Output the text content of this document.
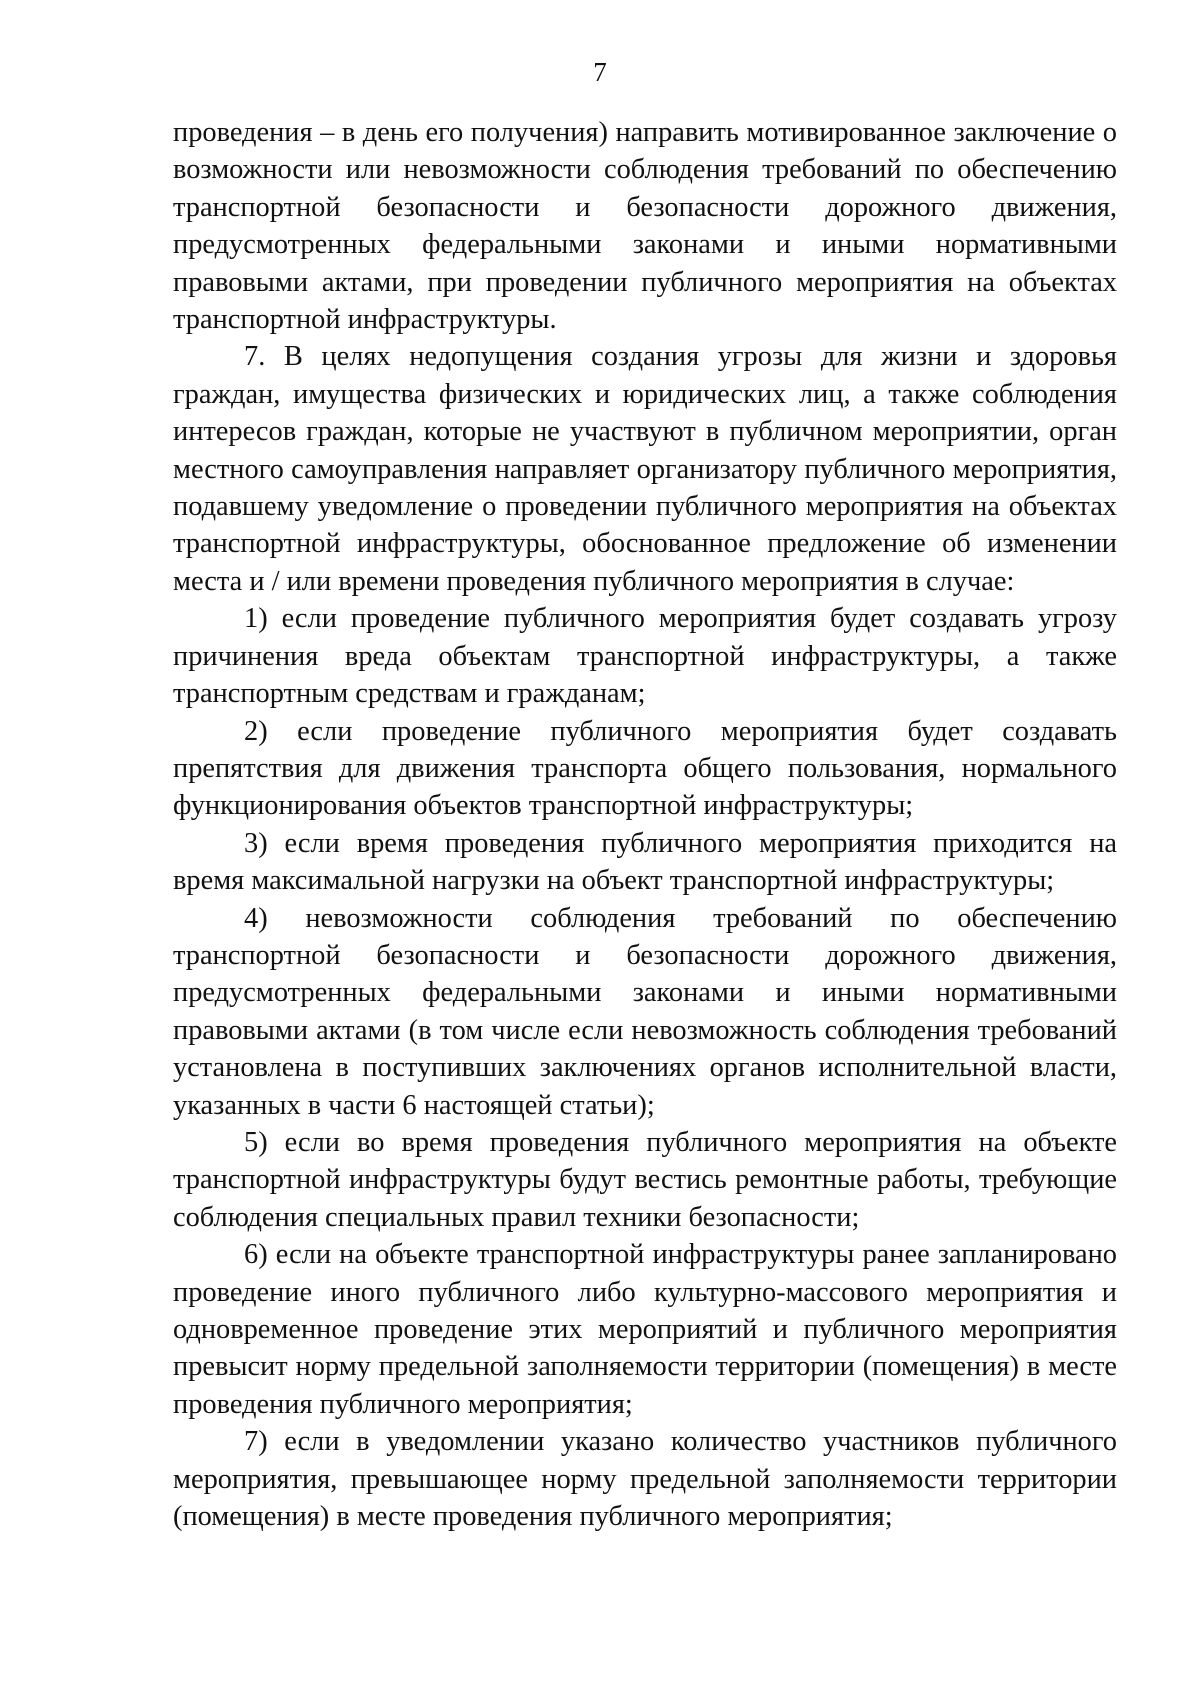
7

проведения – в день его получения) направить мотивированное заключение о возможности или невозможности соблюдения требований по обеспечению транспортной безопасности и безопасности дорожного движения, предусмотренных федеральными законами и иными нормативными правовыми актами, при проведении публичного мероприятия на объектах транспортной инфраструктуры.

7. В целях недопущения создания угрозы для жизни и здоровья граждан, имущества физических и юридических лиц, а также соблюдения интересов граждан, которые не участвуют в публичном мероприятии, орган местного самоуправления направляет организатору публичного мероприятия, подавшему уведомление о проведении публичного мероприятия на объектах транспортной инфраструктуры, обоснованное предложение об изменении места и / или времени проведения публичного мероприятия в случае:

1) если проведение публичного мероприятия будет создавать угрозу причинения вреда объектам транспортной инфраструктуры, а также транспортным средствам и гражданам;

2) если проведение публичного мероприятия будет создавать препятствия для движения транспорта общего пользования, нормального функционирования объектов транспортной инфраструктуры;

3) если время проведения публичного мероприятия приходится на время максимальной нагрузки на объект транспортной инфраструктуры;

4) невозможности соблюдения требований по обеспечению транспортной безопасности и безопасности дорожного движения, предусмотренных федеральными законами и иными нормативными правовыми актами (в том числе если невозможность соблюдения требований установлена в поступивших заключениях органов исполнительной власти, указанных в части 6 настоящей статьи);

5) если во время проведения публичного мероприятия на объекте транспортной инфраструктуры будут вестись ремонтные работы, требующие соблюдения специальных правил техники безопасности;

6) если на объекте транспортной инфраструктуры ранее запланировано проведение иного публичного либо культурно-массового мероприятия и одновременное проведение этих мероприятий и публичного мероприятия превысит норму предельной заполняемости территории (помещения) в месте проведения публичного мероприятия;

7) если в уведомлении указано количество участников публичного мероприятия, превышающее норму предельной заполняемости территории (помещения) в месте проведения публичного мероприятия;
